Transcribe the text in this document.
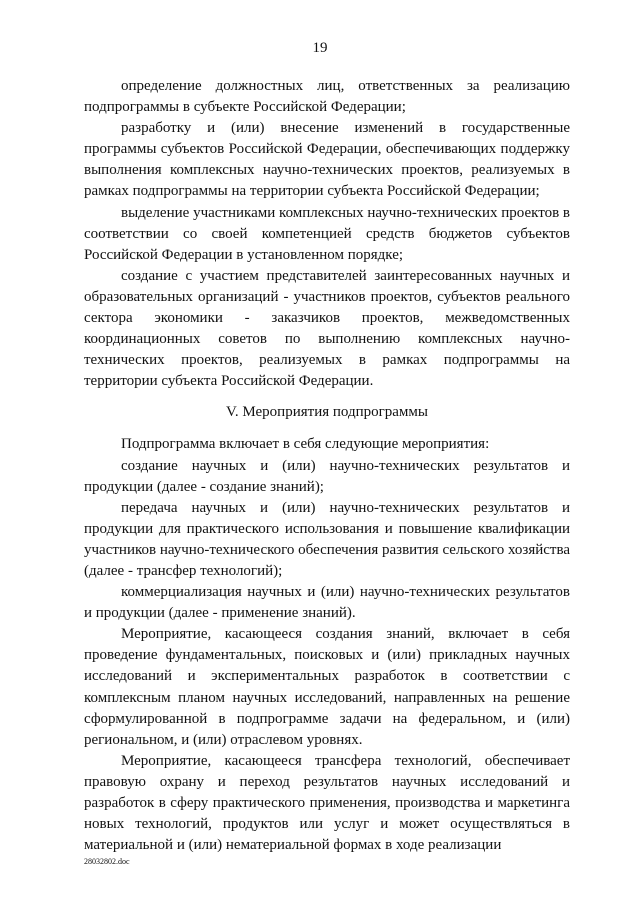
19

определение должностных лиц, ответственных за реализацию подпрограммы в субъекте Российской Федерации;

разработку и (или) внесение изменений в государственные программы субъектов Российской Федерации, обеспечивающих поддержку выполнения комплексных научно-технических проектов, реализуемых в рамках подпрограммы на территории субъекта Российской Федерации;

выделение участниками комплексных научно-технических проектов в соответствии со своей компетенцией средств бюджетов субъектов Российской Федерации в установленном порядке;

создание с участием представителей заинтересованных научных и образовательных организаций - участников проектов, субъектов реального сектора экономики - заказчиков проектов, межведомственных координационных советов по выполнению комплексных научно-технических проектов, реализуемых в рамках подпрограммы на территории субъекта Российской Федерации.

V. Мероприятия подпрограммы

Подпрограмма включает в себя следующие мероприятия:

создание научных и (или) научно-технических результатов и продукции (далее - создание знаний);

передача научных и (или) научно-технических результатов и продукции для практического использования и повышение квалификации участников научно-технического обеспечения развития сельского хозяйства (далее - трансфер технологий);

коммерциализация научных и (или) научно-технических результатов и продукции (далее - применение знаний).

Мероприятие, касающееся создания знаний, включает в себя проведение фундаментальных, поисковых и (или) прикладных научных исследований и экспериментальных разработок в соответствии с комплексным планом научных исследований, направленных на решение сформулированной в подпрограмме задачи на федеральном, и (или) региональном, и (или) отраслевом уровнях.

Мероприятие, касающееся трансфера технологий, обеспечивает правовую охрану и переход результатов научных исследований и разработок в сферу практического применения, производства и маркетинга новых технологий, продуктов или услуг и может осуществляться в материальной и (или) нематериальной формах в ходе реализации

28032802.doc
